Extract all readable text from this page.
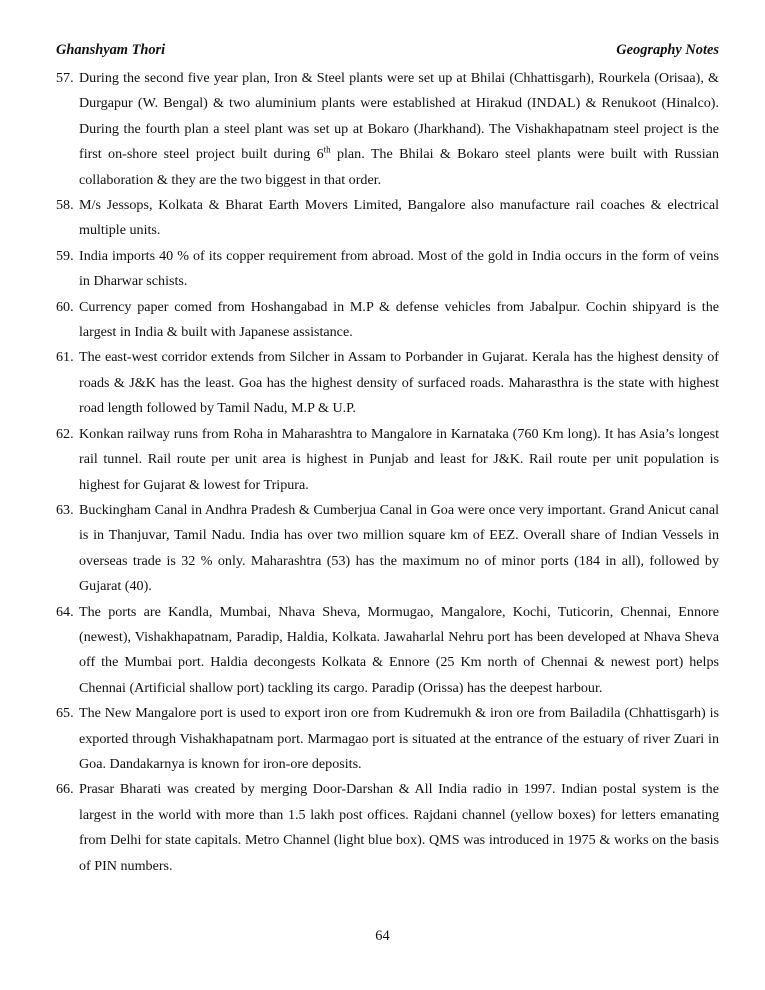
Ghanshyam Thori	Geography Notes
57. During the second five year plan, Iron & Steel plants were set up at Bhilai (Chhattisgarh), Rourkela (Orisaa), & Durgapur (W. Bengal) & two aluminium plants were established at Hirakud (INDAL) & Renukoot (Hinalco). During the fourth plan a steel plant was set up at Bokaro (Jharkhand). The Vishakhapatnam steel project is the first on-shore steel project built during 6th plan. The Bhilai & Bokaro steel plants were built with Russian collaboration & they are the two biggest in that order.
58. M/s Jessops, Kolkata & Bharat Earth Movers Limited, Bangalore also manufacture rail coaches & electrical multiple units.
59. India imports 40 % of its copper requirement from abroad. Most of the gold in India occurs in the form of veins in Dharwar schists.
60. Currency paper comed from Hoshangabad in M.P & defense vehicles from Jabalpur. Cochin shipyard is the largest in India & built with Japanese assistance.
61. The east-west corridor extends from Silcher in Assam to Porbander in Gujarat. Kerala has the highest density of roads & J&K has the least. Goa has the highest density of surfaced roads. Maharasthra is the state with highest road length followed by Tamil Nadu, M.P & U.P.
62. Konkan railway runs from Roha in Maharashtra to Mangalore in Karnataka (760 Km long). It has Asia’s longest rail tunnel. Rail route per unit area is highest in Punjab and least for J&K. Rail route per unit population is highest for Gujarat & lowest for Tripura.
63. Buckingham Canal in Andhra Pradesh & Cumberjua Canal in Goa were once very important. Grand Anicut canal is in Thanjuvar, Tamil Nadu. India has over two million square km of EEZ. Overall share of Indian Vessels in overseas trade is 32 % only. Maharashtra (53) has the maximum no of minor ports (184 in all), followed by Gujarat (40).
64. The ports are Kandla, Mumbai, Nhava Sheva, Mormugao, Mangalore, Kochi, Tuticorin, Chennai, Ennore (newest), Vishakhapatnam, Paradip, Haldia, Kolkata. Jawaharlal Nehru port has been developed at Nhava Sheva off the Mumbai port. Haldia decongests Kolkata & Ennore (25 Km north of Chennai & newest port) helps Chennai (Artificial shallow port) tackling its cargo. Paradip (Orissa) has the deepest harbour.
65. The New Mangalore port is used to export iron ore from Kudremukh & iron ore from Bailadila (Chhattisgarh) is exported through Vishakhapatnam port. Marmagao port is situated at the entrance of the estuary of river Zuari in Goa. Dandakarnya is known for iron-ore deposits.
66. Prasar Bharati was created by merging Door-Darshan & All India radio in 1997. Indian postal system is the largest in the world with more than 1.5 lakh post offices. Rajdani channel (yellow boxes) for letters emanating from Delhi for state capitals. Metro Channel (light blue box). QMS was introduced in 1975 & works on the basis of PIN numbers.
64
